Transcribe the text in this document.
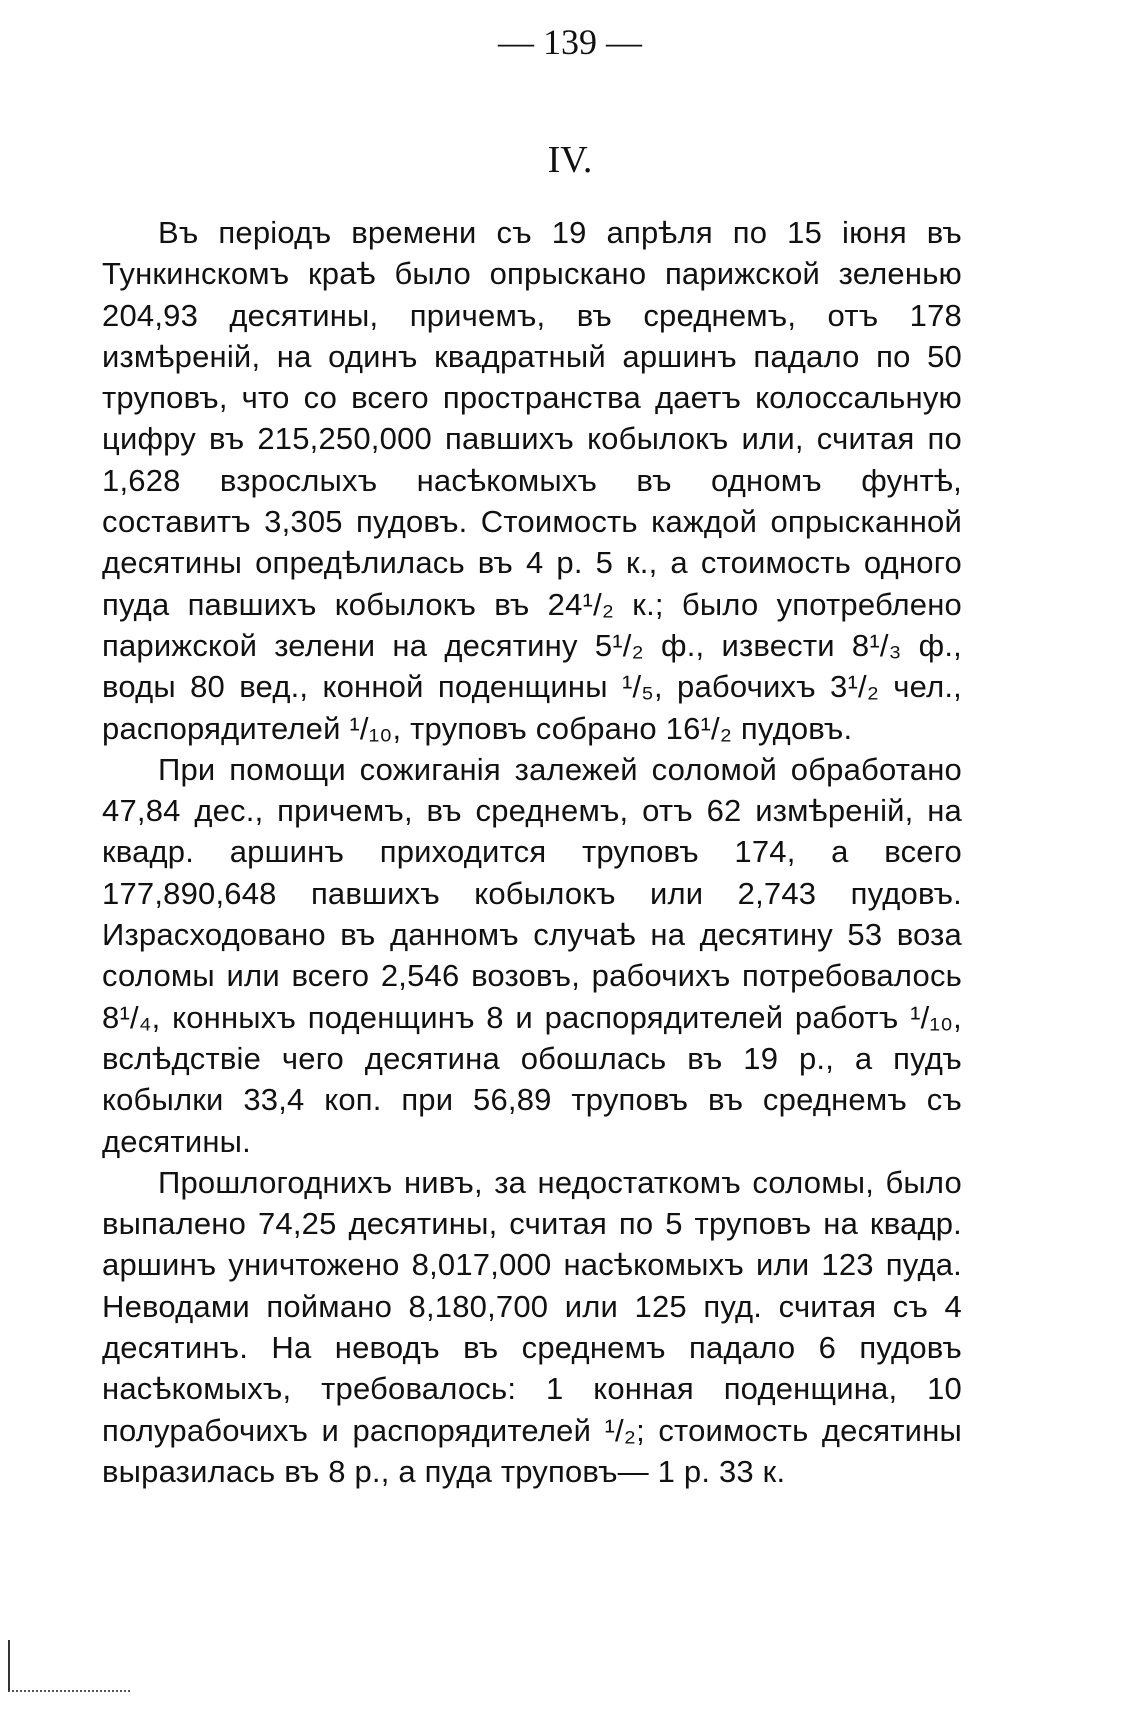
— 139 —
IV.

Въ періодъ времени съ 19 апрѣля по 15 іюня въ Тункинскомъ краѣ было опрыскано парижской зеленью 204,93 десятины, причемъ, въ среднемъ, отъ 178 измѣреній, на одинъ квадратный аршинъ падало по 50 труповъ, что со всего пространства даетъ колоссальную цифру въ 215,250,000 павшихъ кобылокъ или, считая по 1,628 взрослыхъ насѣкомыхъ въ одномъ фунтѣ, составитъ 3,305 пудовъ. Стоимость каждой опрысканной десятины опредѣлилась въ 4 р. 5 к., а стоимость одного пуда павшихъ кобылокъ въ 24¹/₂ к.; было употреблено парижской зелени на десятину 5¹/₂ ф., извести 8¹/₃ ф., воды 80 вед., конной поденщины ¹/₅, рабочихъ 3¹/₂ чел., распорядителей ¹/₁₀, труповъ собрано 16¹/₂ пудовъ.

При помощи сожиганія залежей соломой обработано 47,84 дес., причемъ, въ среднемъ, отъ 62 измѣреній, на квадр. аршинъ приходится труповъ 174, а всего 177,890,648 павшихъ кобылокъ или 2,743 пудовъ. Израсходовано въ данномъ случаѣ на десятину 53 воза соломы или всего 2,546 возовъ, рабочихъ потребовалось 8¹/₄, конныхъ поденщинъ 8 и распорядителей работъ ¹/₁₀, вслѣдствіе чего десятина обошлась въ 19 р., а пудъ кобылки 33,4 коп. при 56,89 труповъ въ среднемъ съ десятины.

Прошлогоднихъ нивъ, за недостаткомъ соломы, было выпалено 74,25 десятины, считая по 5 труповъ на квадр. аршинъ уничтожено 8,017,000 насѣкомыхъ или 123 пуда. Неводами поймано 8,180,700 или 125 пуд. считая съ 4 десятинъ. На неводъ въ среднемъ падало 6 пудовъ насѣкомыхъ, требовалось: 1 конная поденщина, 10 полурабочихъ и распорядителей ¹/₂; стоимость десятины выразилась въ 8 р., а пуда труповъ— 1 р. 33 к.
